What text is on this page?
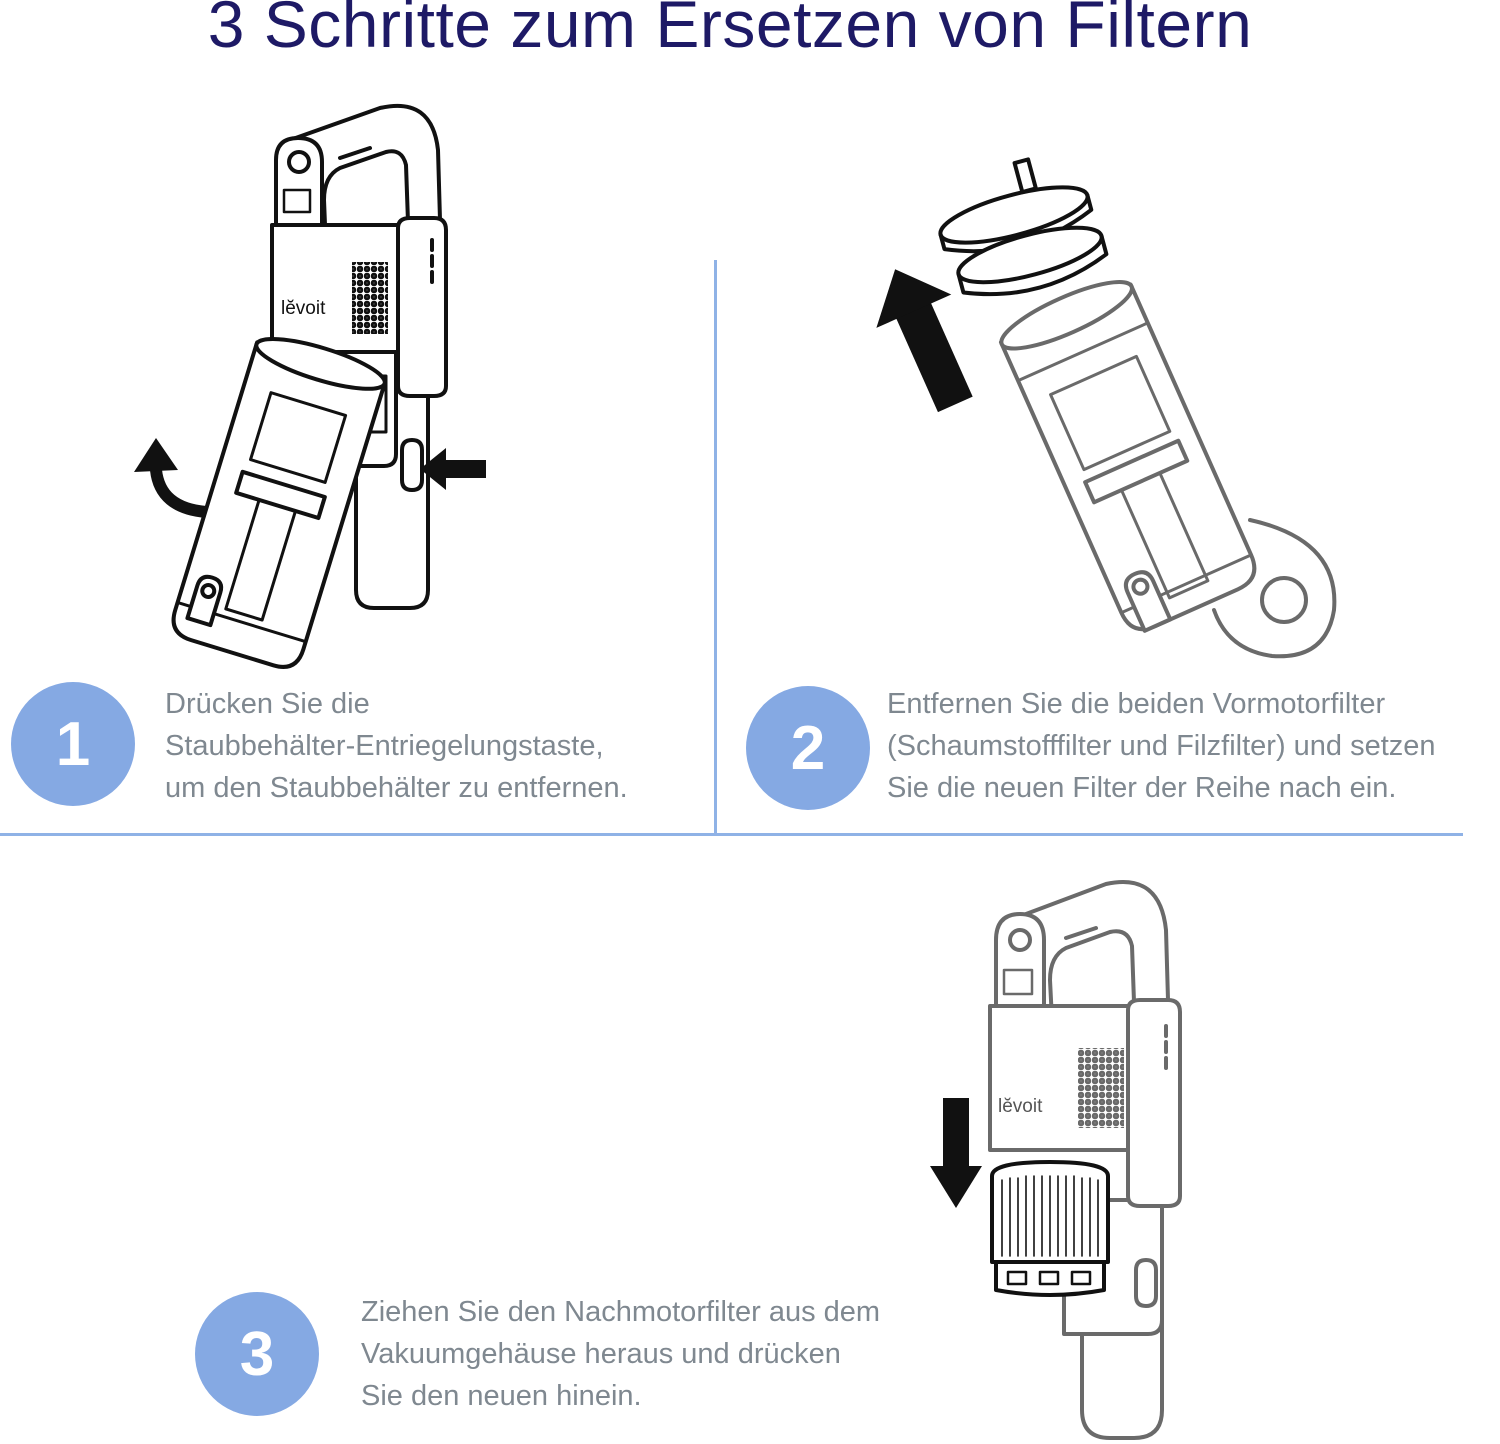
3 Schritte zum Ersetzen von Filtern
lĕvoit
lĕvoit
1
Drücken Sie die
Staubbehälter-Entriegelungstaste,
um den Staubbehälter zu entfernen.
2
Entfernen Sie die beiden Vormotorfilter
(Schaumstofffilter und Filzfilter) und setzen
Sie die neuen Filter der Reihe nach ein.
3
Ziehen Sie den Nachmotorfilter aus dem
Vakuumgehäuse heraus und drücken
Sie den neuen hinein.
